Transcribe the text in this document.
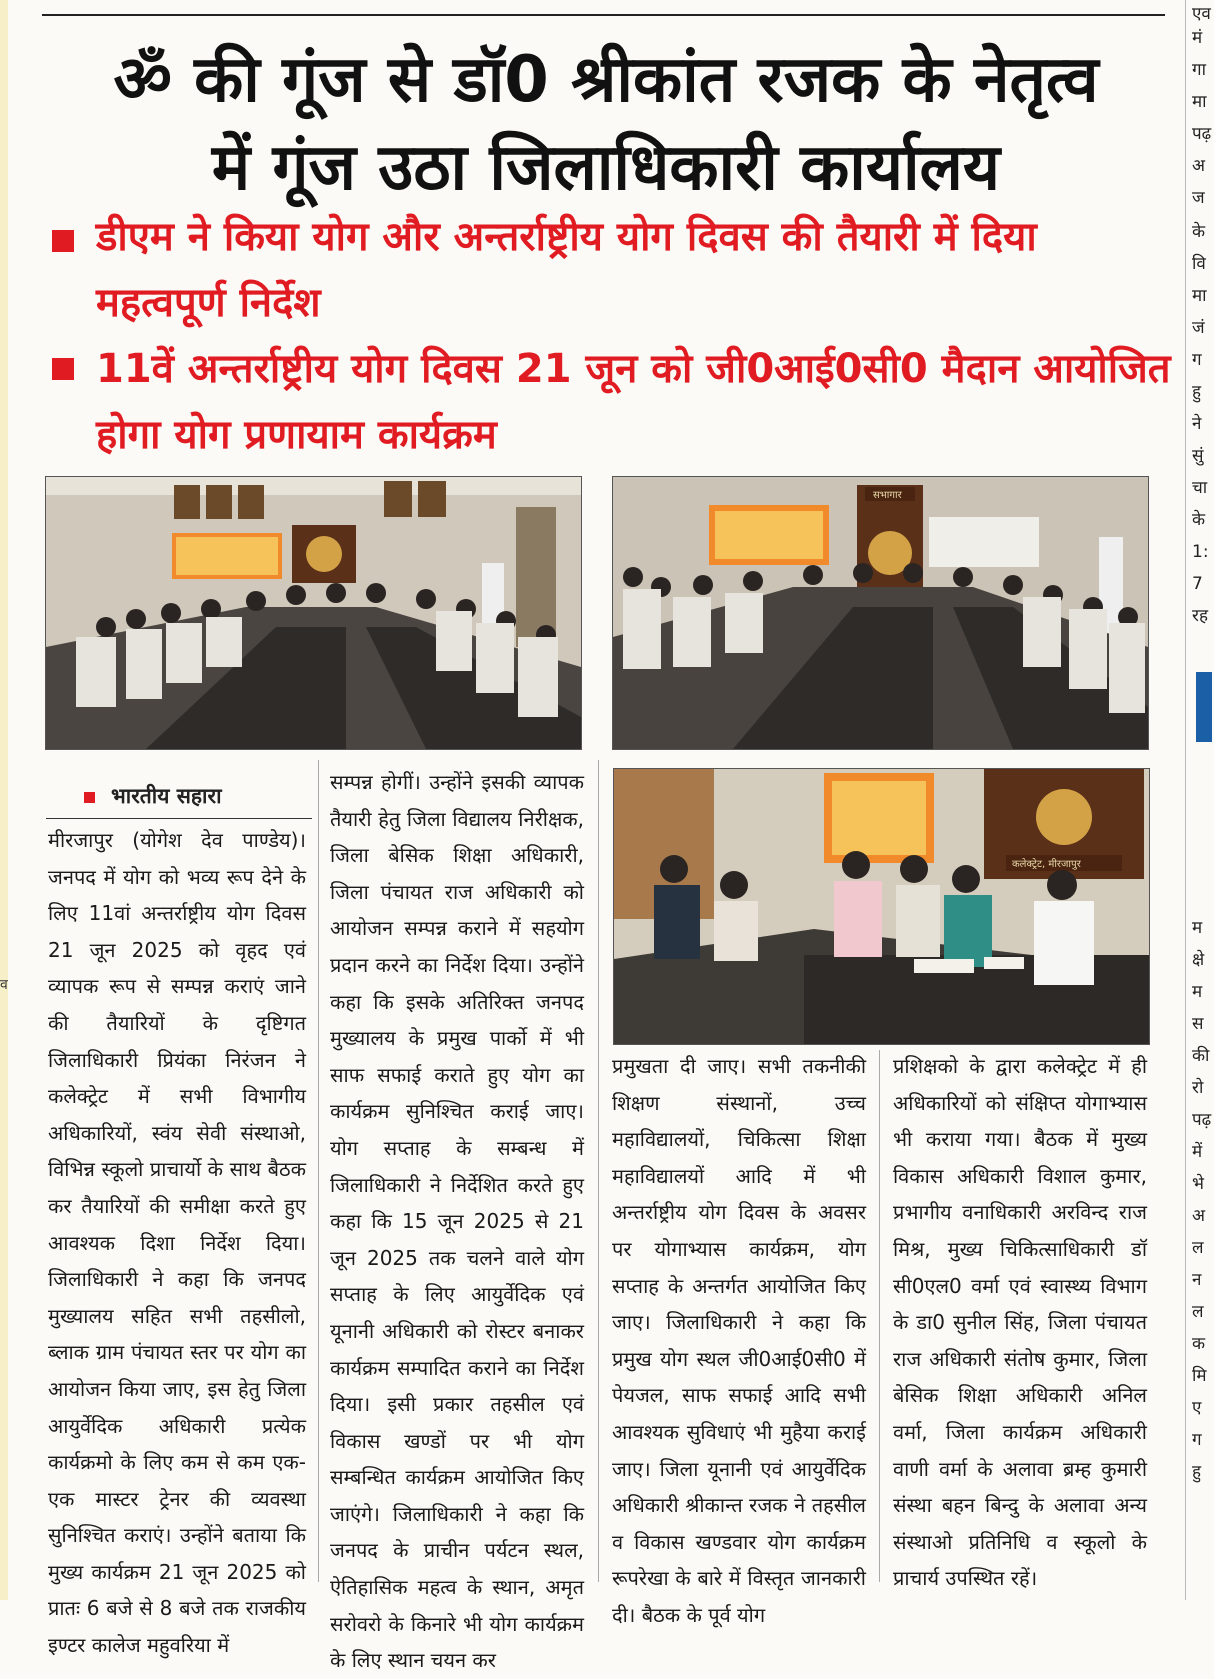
व
एव
मं
गा
मा
पढ़
अ
ज
के
वि
मा
जं
ग
हु
ने
सुं
चा
के
1:
7
रह
म
क्षे
म
स
की
रो
पढ़
में
भे
अ
ल
न
ल
क
मि
ए
ग
हु
ॐ की गूंज से डॉ0 श्रीकांत रजक के नेतृत्व
में गूंज उठा जिलाधिकारी कार्यालय

डीएम ने किया योग और अन्तर्राष्ट्रीय योग दिवस की तैयारी में दिया महत्वपूर्ण निर्देश

11वें अन्तर्राष्ट्रीय योग दिवस 21 जून को जी0आई0सी0 मैदान आयोजित होगा योग प्रणायाम कार्यक्रम

सभागार
कलेक्ट्रेट, मीरजापुर
भारतीय सहारा

मीरजापुर (योगेश देव पाण्डेय)। जनपद में योग को भव्य रूप देने के लिए 11वां अन्तर्राष्ट्रीय योग दिवस 21 जून 2025 को वृहद एवं व्यापक रूप से सम्पन्न कराएं जाने की तैयारियों के दृष्टिगत जिलाधिकारी प्रियंका निरंजन ने कलेक्ट्रेट में सभी विभागीय अधिकारियों, स्वंय सेवी संस्थाओ, विभिन्न स्कूलो प्राचार्यो के साथ बैठक कर तैयारियों की समीक्षा करते हुए आवश्यक दिशा निर्देश दिया। जिलाधिकारी ने कहा कि जनपद मुख्यालय सहित सभी तहसीलो, ब्लाक ग्राम पंचायत स्तर पर योग का आयोजन किया जाए, इस हेतु जिला आयुर्वेदिक अधिकारी प्रत्येक कार्यक्रमो के लिए कम से कम एक-एक मास्टर ट्रेनर की व्यवस्था सुनिश्चित कराएं। उन्होंने बताया कि मुख्य कार्यक्रम 21 जून 2025 को प्रातः 6 बजे से 8 बजे तक राजकीय इण्टर कालेज महुवरिया में

सम्पन्न होगीं। उन्होंने इसकी व्यापक तैयारी हेतु जिला विद्यालय निरीक्षक, जिला बेसिक शिक्षा अधिकारी, जिला पंचायत राज अधिकारी को आयोजन सम्पन्न कराने में सहयोग प्रदान करने का निर्देश दिया। उन्होंने कहा कि इसके अतिरिक्त जनपद मुख्यालय के प्रमुख पार्को में भी साफ सफाई कराते हुए योग का कार्यक्रम सुनिश्चित कराई जाए। योग सप्ताह के सम्बन्ध में जिलाधिकारी ने निर्देशित करते हुए कहा कि 15 जून 2025 से 21 जून 2025 तक चलने वाले योग सप्ताह के लिए आयुर्वेदिक एवं यूनानी अधिकारी को रोस्टर बनाकर कार्यक्रम सम्पादित कराने का निर्देश दिया। इसी प्रकार तहसील एवं विकास खण्डों पर भी योग सम्बन्धित कार्यक्रम आयोजित किए जाएंगे। जिलाधिकारी ने कहा कि जनपद के प्राचीन पर्यटन स्थल, ऐतिहासिक महत्व के स्थान, अमृत सरोवरो के किनारे भी योग कार्यक्रम के लिए स्थान चयन कर

प्रमुखता दी जाए। सभी तकनीकी शिक्षण संस्थानों, उच्च महाविद्यालयों, चिकित्सा शिक्षा महाविद्यालयों आदि में भी अन्तर्राष्ट्रीय योग दिवस के अवसर पर योगाभ्यास कार्यक्रम, योग सप्ताह के अन्तर्गत आयोजित किए जाए। जिलाधिकारी ने कहा कि प्रमुख योग स्थल जी0आई0सी0 में पेयजल, साफ सफाई आदि सभी आवश्यक सुविधाएं भी मुहैया कराई जाए। जिला यूनानी एवं आयुर्वेदिक अधिकारी श्रीकान्त रजक ने तहसील व विकास खण्डवार योग कार्यक्रम रूपरेखा के बारे में विस्तृत जानकारी दी। बैठक के पूर्व योग

प्रशिक्षको के द्वारा कलेक्ट्रेट में ही अधिकारियों को संक्षिप्त योगाभ्यास भी कराया गया। बैठक में मुख्य विकास अधिकारी विशाल कुमार, प्रभागीय वनाधिकारी अरविन्द राज मिश्र, मुख्य चिकित्साधिकारी डॉ सी0एल0 वर्मा एवं स्वास्थ्य विभाग के डा0 सुनील सिंह, जिला पंचायत राज अधिकारी संतोष कुमार, जिला बेसिक शिक्षा अधिकारी अनिल वर्मा, जिला कार्यक्रम अधिकारी वाणी वर्मा के अलावा ब्रम्ह कुमारी संस्था बहन बिन्दु के अलावा अन्य संस्थाओ प्रतिनिधि व स्कूलो के प्राचार्य उपस्थित रहें।
